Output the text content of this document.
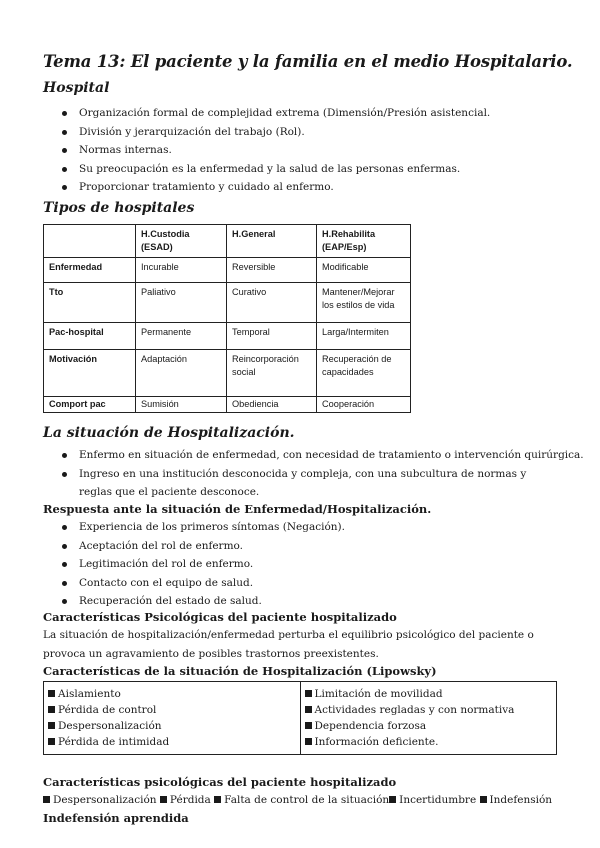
Tema 13: El paciente y la familia en el medio Hospitalario.
Hospital
Organización formal de complejidad extrema (Dimensión/Presión asistencial.
División y jerarquización del trabajo (Rol).
Normas internas.
Su preocupación es la enfermedad y la salud de las personas enfermas.
Proporcionar tratamiento y cuidado al enfermo.
Tipos de hospitales
	H.Custodia (ESAD)	H.General	H.Rehabilita (EAP/Esp)
Enfermedad	Incurable	Reversible	Modificable
Tto	Paliativo	Curativo	Mantener/Mejorar los estilos de vida
Pac-hospital	Permanente	Temporal	Larga/Intermiten
Motivación	Adaptación	Reincorporación social	Recuperación de capacidades
Comport pac	Sumisión	Obediencia	Cooperación
La situación de Hospitalización.
Enfermo en situación de enfermedad, con necesidad de tratamiento o intervención quirúrgica.
Ingreso en una institución desconocida y compleja, con una subcultura de normas y reglas que el paciente desconoce.
Respuesta ante la situación de Enfermedad/Hospitalización.
Experiencia de los primeros síntomas (Negación).
Aceptación del rol de enfermo.
Legitimación del rol de enfermo.
Contacto con el equipo de salud.
Recuperación del estado de salud.
Características Psicológicas del paciente hospitalizado
La situación de hospitalización/enfermedad perturba el equilibrio psicológico del paciente o provoca un agravamiento de posibles trastornos preexistentes.
Características de la situación de Hospitalización (Lipowsky)
Aislamiento
Pérdida de control
Despersonalización
Pérdida de intimidad

Limitación de movilidad
Actividades regladas y con normativa
Dependencia forzosa
Información deficiente.
Características psicológicas del paciente hospitalizado
Despersonalización Pérdida Falta de control de la situación Incertidumbre Indefensión
Indefensión aprendida
